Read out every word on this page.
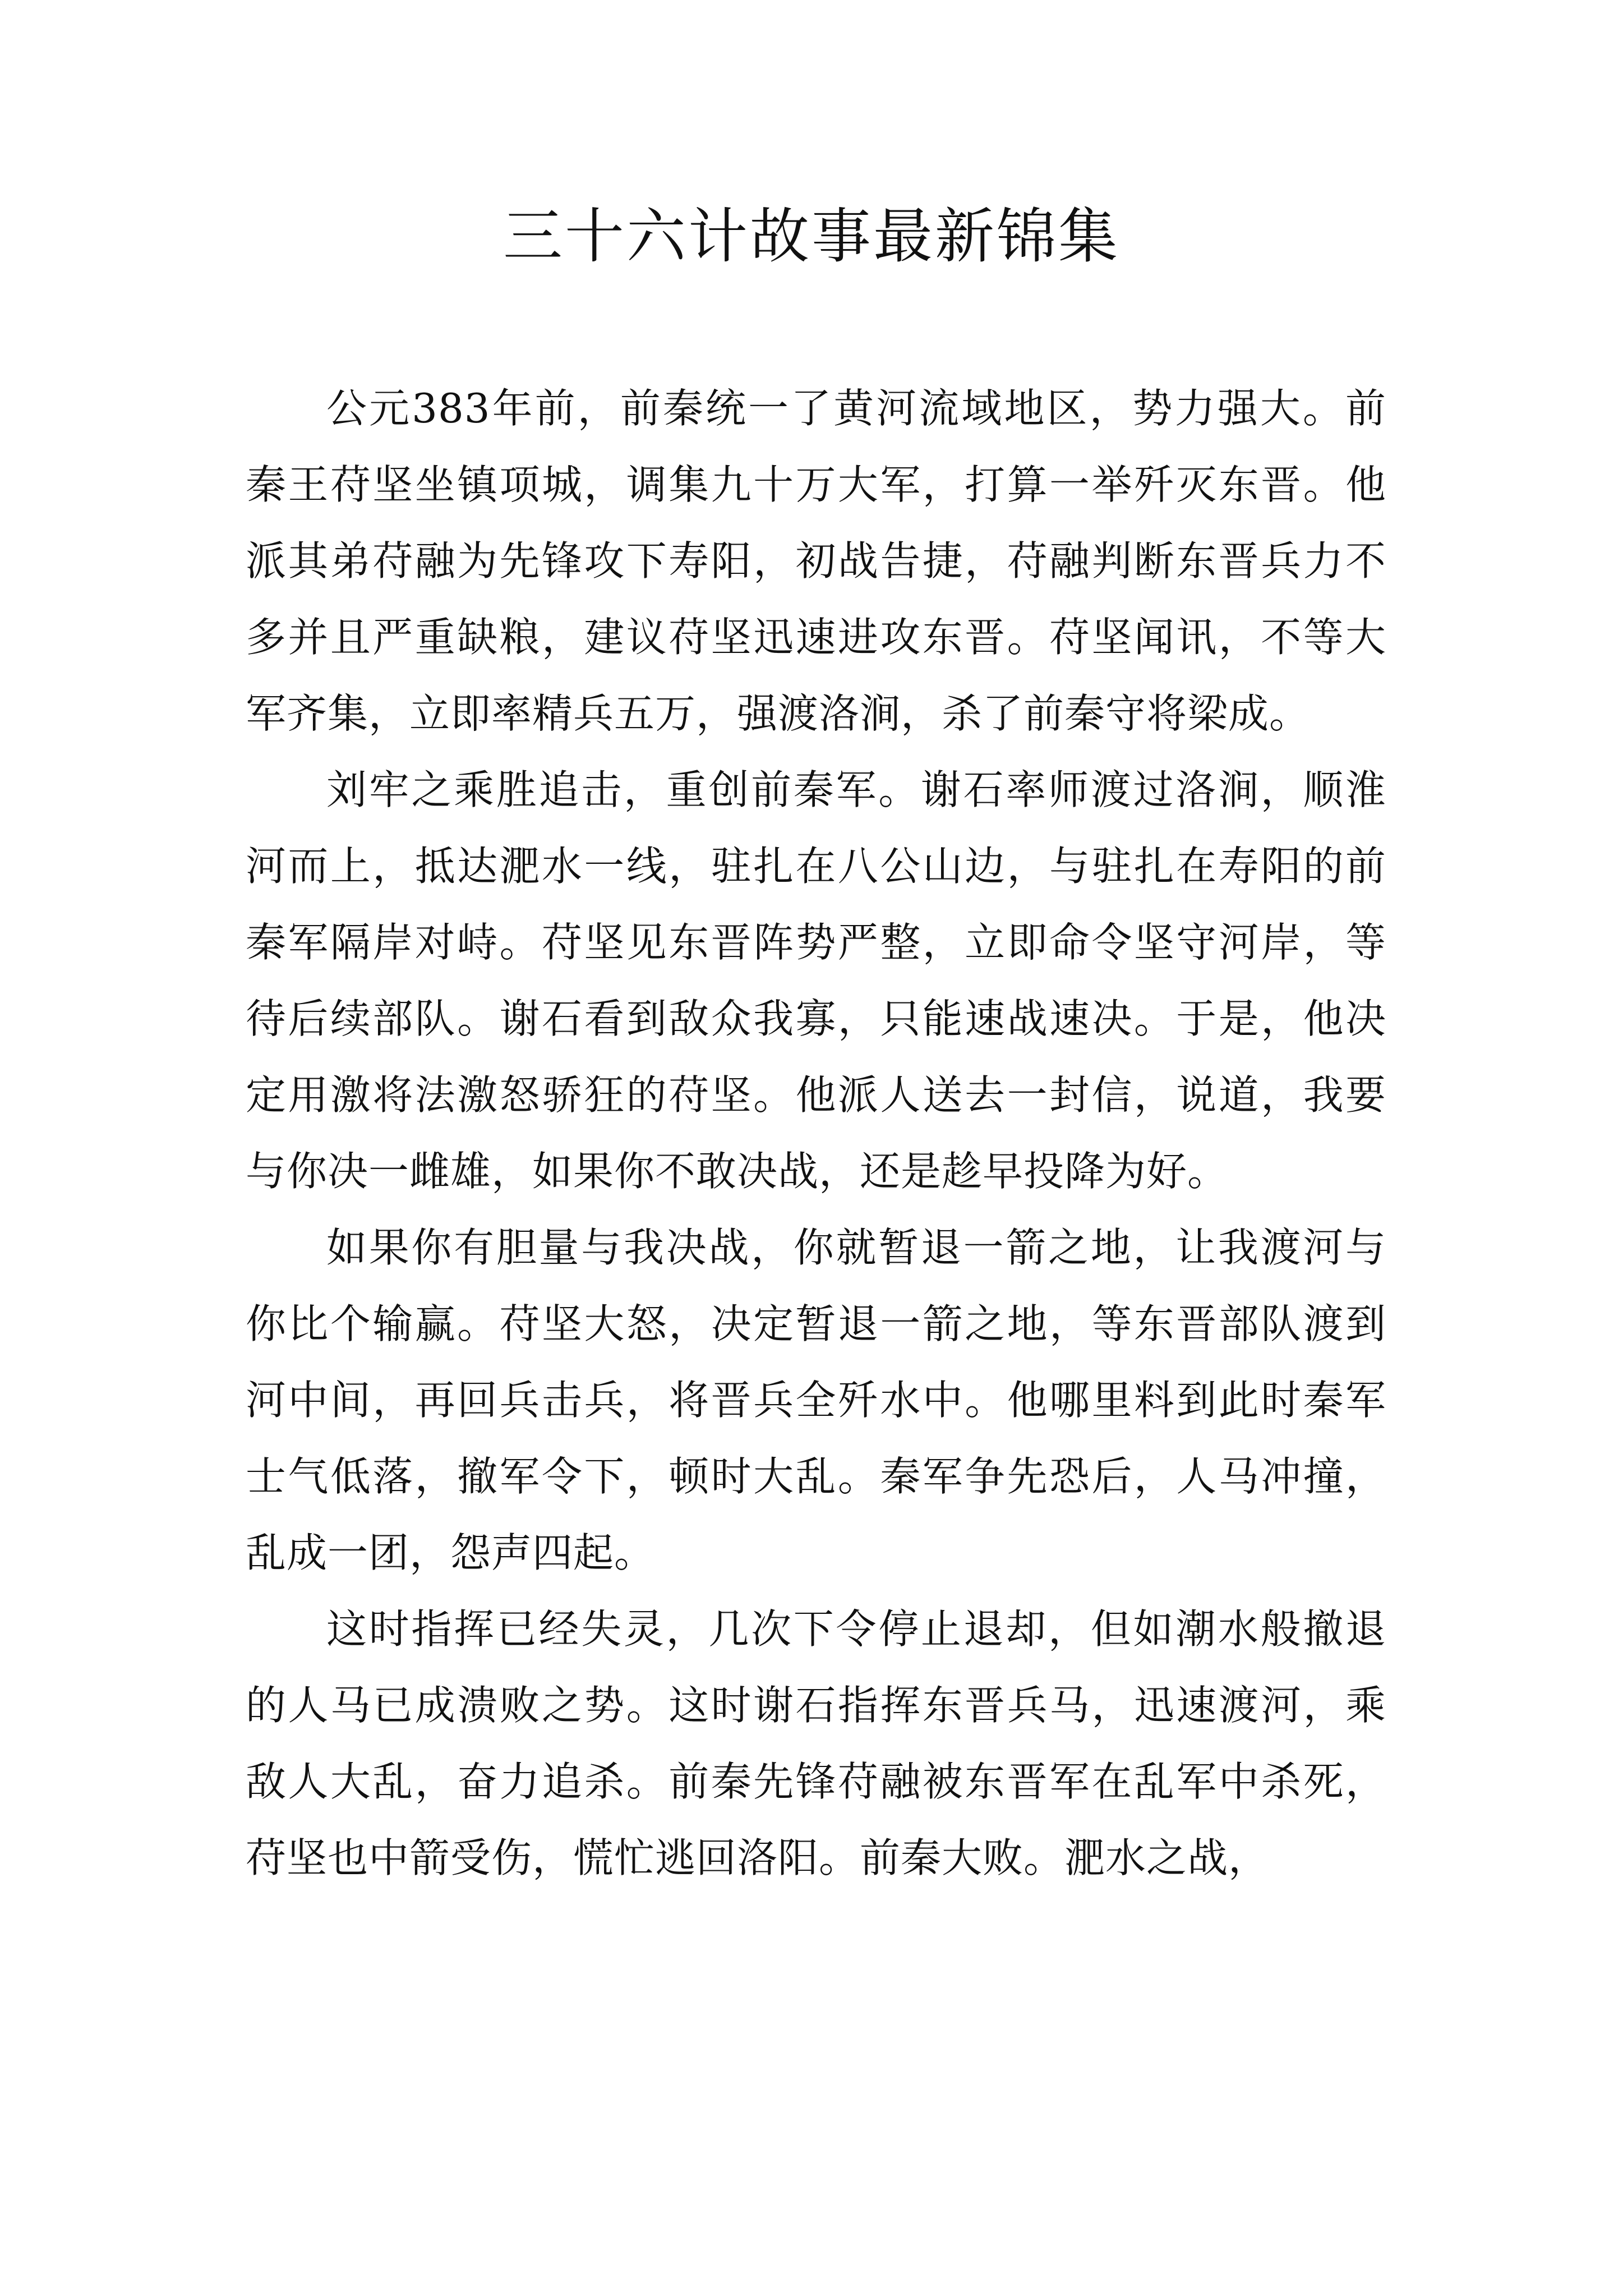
三十六计故事最新锦集

公元383年前，前秦统一了黄河流域地区，势力强大。前秦王苻坚坐镇项城，调集九十万大军，打算一举歼灭东晋。他派其弟苻融为先锋攻下寿阳，初战告捷，苻融判断东晋兵力不多并且严重缺粮，建议苻坚迅速进攻东晋。苻坚闻讯，不等大军齐集，立即率精兵五万，强渡洛涧，杀了前秦守将梁成。

刘牢之乘胜追击，重创前秦军。谢石率师渡过洛涧，顺淮河而上，抵达淝水一线，驻扎在八公山边，与驻扎在寿阳的前秦军隔岸对峙。苻坚见东晋阵势严整，立即命令坚守河岸，等待后续部队。谢石看到敌众我寡，只能速战速决。于是，他决定用激将法激怒骄狂的苻坚。他派人送去一封信，说道，我要与你决一雌雄，如果你不敢决战，还是趁早投降为好。

如果你有胆量与我决战，你就暂退一箭之地，让我渡河与你比个输赢。苻坚大怒，决定暂退一箭之地，等东晋部队渡到河中间，再回兵击兵，将晋兵全歼水中。他哪里料到此时秦军士气低落，撤军令下，顿时大乱。秦军争先恐后，人马冲撞，乱成一团，怨声四起。

这时指挥已经失灵，几次下令停止退却，但如潮水般撤退的人马已成溃败之势。这时谢石指挥东晋兵马，迅速渡河，乘敌人大乱，奋力追杀。前秦先锋苻融被东晋军在乱军中杀死，苻坚也中箭受伤，慌忙逃回洛阳。前秦大败。淝水之战，
